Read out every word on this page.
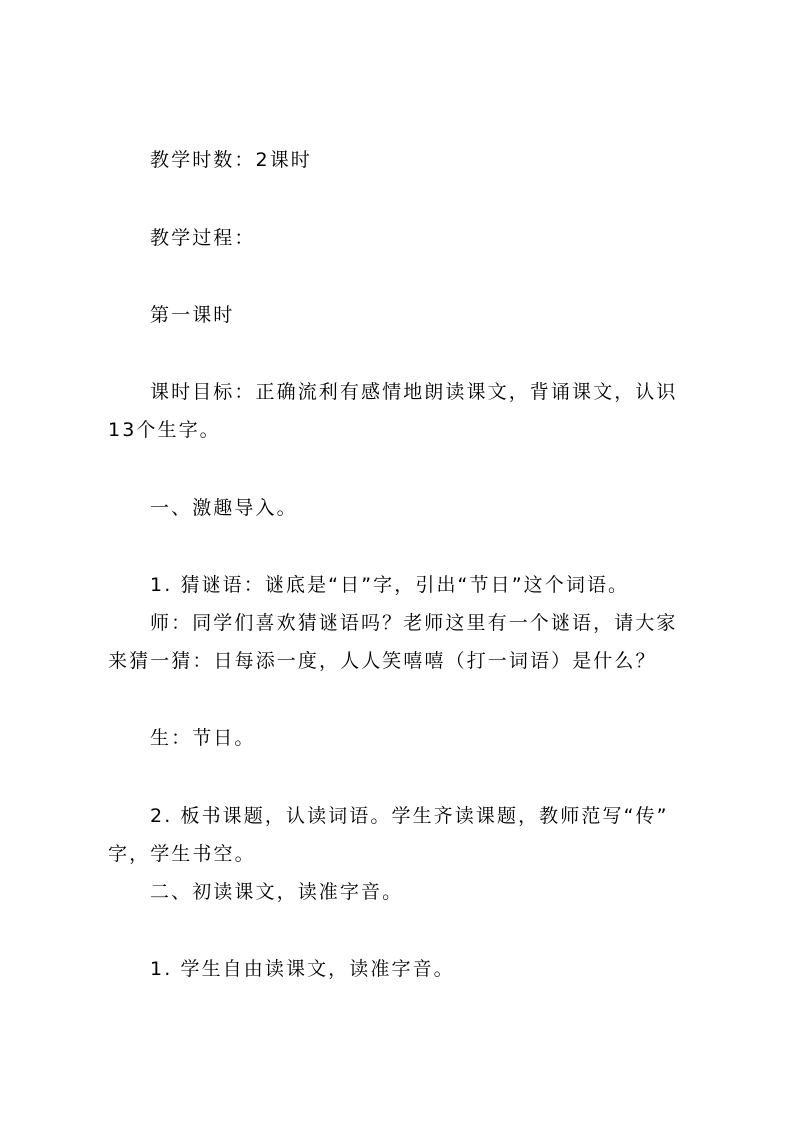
教学时数：2课时
教学过程：
第一课时
课时目标：正确流利有感情地朗读课文，背诵课文，认识
13个生字。
一、激趣导入。
1. 猜谜语：谜底是“日”字，引出“节日”这个词语。
师：同学们喜欢猜谜语吗？老师这里有一个谜语，请大家
来猜一猜：日每添一度，人人笑嘻嘻（打一词语）是什么？
生：节日。
2. 板书课题，认读词语。学生齐读课题，教师范写“传”
字，学生书空。
二、初读课文，读准字音。
1. 学生自由读课文，读准字音。
